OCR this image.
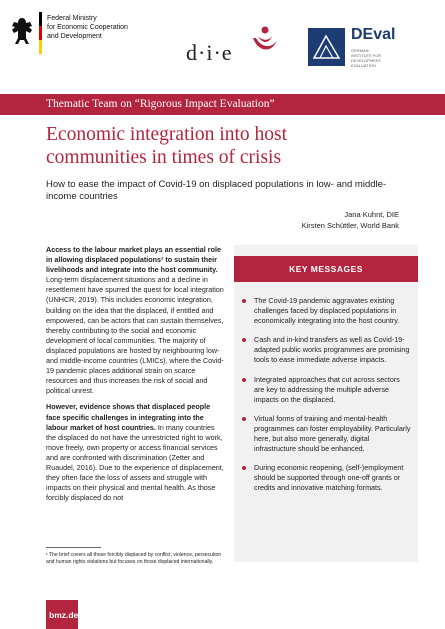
Federal Ministry
for Economic Cooperation
and Development
d·i·e
DEval
GERMAN
INSTITUTE FOR
DEVELOPMENT
EVALUATION
Thematic Team on “Rigorous Impact Evaluation”
Economic integration into host
communities in times of crisis
How to ease the impact of Covid-19 on displaced populations in low- and middle-income countries
Jana Kuhnt, DIE
Kirsten Schüttler, World Bank

Access to the labour market plays an essential role in allowing displaced populations¹ to sustain their livelihoods and integrate into the host community. Long-term displacement situations and a decline in resettlement have spurred the quest for local integration (UNHCR, 2019). This includes economic integration, building on the idea that the displaced, if entitled and empowered, can be actors that can sustain themselves, thereby contributing to the social and economic development of local communities. The majority of displaced populations are hosted by neighbouring low- and middle-income countries (LMICs), where the Covid-19 pandemic places additional strain on scarce resources and thus increases the risk of social and political unrest.

However, evidence shows that displaced people face specific challenges in integrating into the labour market of host countries. In many countries the displaced do not have the unrestricted right to work, move freely, own property or access financial services and are confronted with discrimination (Zetter and Ruaudel, 2016). Due to the experience of displacement, they often face the loss of assets and struggle with impacts on their physical and mental health. As those forcibly displaced do not

¹ The brief covers all those forcibly displaced by conflict, violence, persecution and human rights violations but focuses on those displaced internationally.
KEY MESSAGES
The Covid-19 pandemic aggravates existing challenges faced by displaced populations in economically integrating into the host country.
Cash and in-kind transfers as well as Covid-19-adapted public works programmes are promising tools to ease immediate adverse impacts.
Integrated approaches that cut across sectors are key to addressing the multiple adverse impacts on the displaced.
Virtual forms of training and mental-health programmes can foster employability. Particularly here, but also more generally, digital infrastructure should be enhanced.
During economic reopening, (self-)employment should be supported through one-off grants or credits and innovative matching formats.
bmz.de
